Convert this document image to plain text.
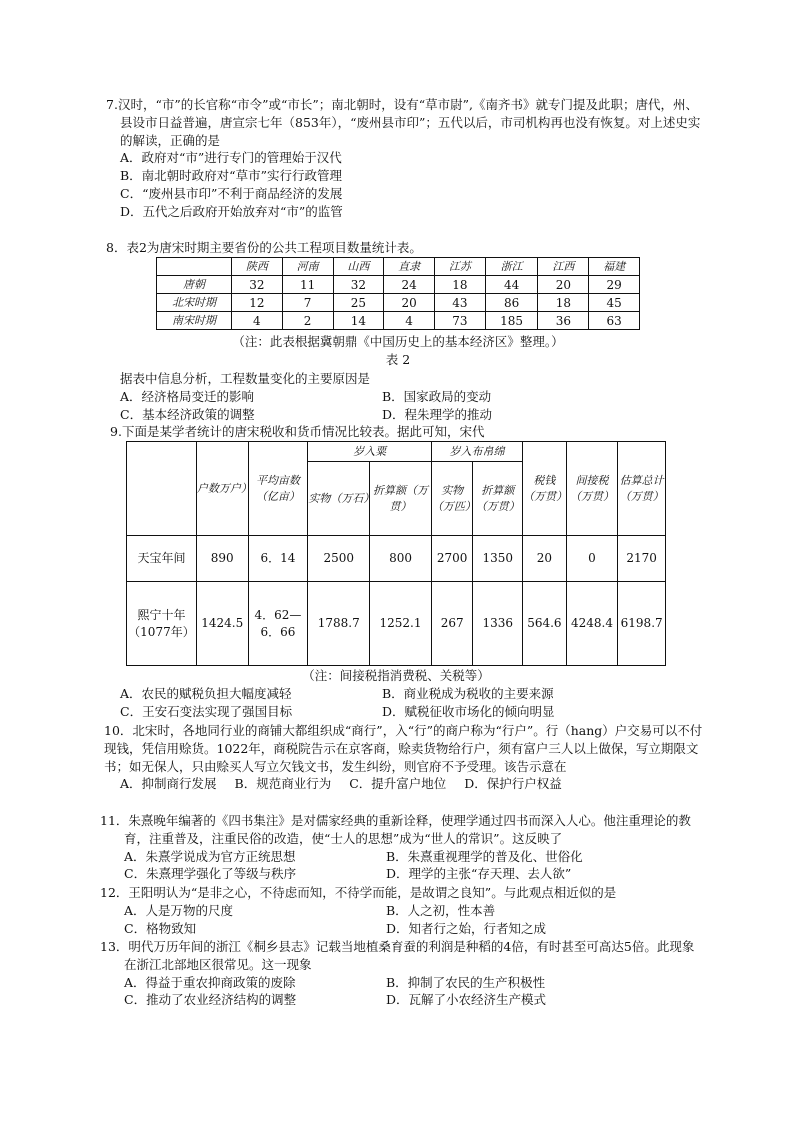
7.汉时，“市”的长官称“市令”或“市长”；南北朝时，设有“草市尉”,《南齐书》就专门提及此职；唐代，州、县设市日益普遍，唐宣宗七年（853年），“废州县市印”；五代以后，市司机构再也没有恢复。对上述史实的解读，正确的是
A．政府对“市”进行专门的管理始于汉代
B．南北朝时政府对“草市”实行行政管理
C．“废州县市印”不利于商品经济的发展
D．五代之后政府开始放弃对“市”的监管
8．表2为唐宋时期主要省份的公共工程项目数量统计表。
	陕西	河南	山西	直隶	江苏	浙江	江西	福建
唐朝	32	11	32	24	18	44	20	29
北宋时期	12	7	25	20	43	86	18	45
南宋时期	4	2	14	4	73	185	36	63
（注：此表根据冀朝鼎《中国历史上的基本经济区》整理。）
表 2
据表中信息分析，工程数量变化的主要原因是
A．经济格局变迁的影响	B．国家政局的变动
C．基本经济政策的调整	D．程朱理学的推动
9.下面是某学者统计的唐宋税收和货币情况比较表。据此可知，宋代
	户数万户）	平均亩数（亿亩）	岁入粟		岁入布帛绵		税钱（万贯）	间接税（万贯）	估算总计（万贯）
			实物（万石）	折算额（万贯）	实物（万匹）	折算额（万贯）			
天宝年间	890	6．14	2500	800	2700	1350	20	0	2170
熙宁十年（1077年）	1424.5	4．62—6．66	1788.7	1252.1	267	1336	564.6	4248.4	6198.7
（注：间接税指消费税、关税等）
A．农民的赋税负担大幅度减轻	B．商业税成为税收的主要来源
C．王安石变法实现了强国目标	D．赋税征收市场化的倾向明显
10．北宋时，各地同行业的商铺大都组织成“商行”，入“行”的商户称为“行户”。行（hang）户交易可以不付现钱，凭信用赊货。1022年，商税院告示在京客商，赊卖货物给行户，须有富户三人以上做保，写立期限文书；如无保人，只由赊买人写立欠钱文书，发生纠纷，则官府不予受理。该告示意在
A．抑制商行发展 B．规范商业行为 C．提升富户地位 D．保护行户权益
11．朱熹晚年编著的《四书集注》是对儒家经典的重新诠释，使理学通过四书而深入人心。他注重理论的教育，注重普及，注重民俗的改造，使“士人的思想”成为“世人的常识”。这反映了
A．朱熹学说成为官方正统思想	B．朱熹重视理学的普及化、世俗化
C．朱熹理学强化了等级与秩序	D．理学的主张“存天理、去人欲”
12．王阳明认为“是非之心，不待虑而知，不待学而能，是故谓之良知”。与此观点相近似的是
A．人是万物的尺度	B．人之初，性本善
C．格物致知	D．知者行之始，行者知之成
13．明代万历年间的浙江《桐乡县志》记载当地植桑育蚕的利润是种稻的4倍，有时甚至可高达5倍。此现象在浙江北部地区很常见。这一现象
A．得益于重农抑商政策的废除	B．抑制了农民的生产积极性
C．推动了农业经济结构的调整	D．瓦解了小农经济生产模式
